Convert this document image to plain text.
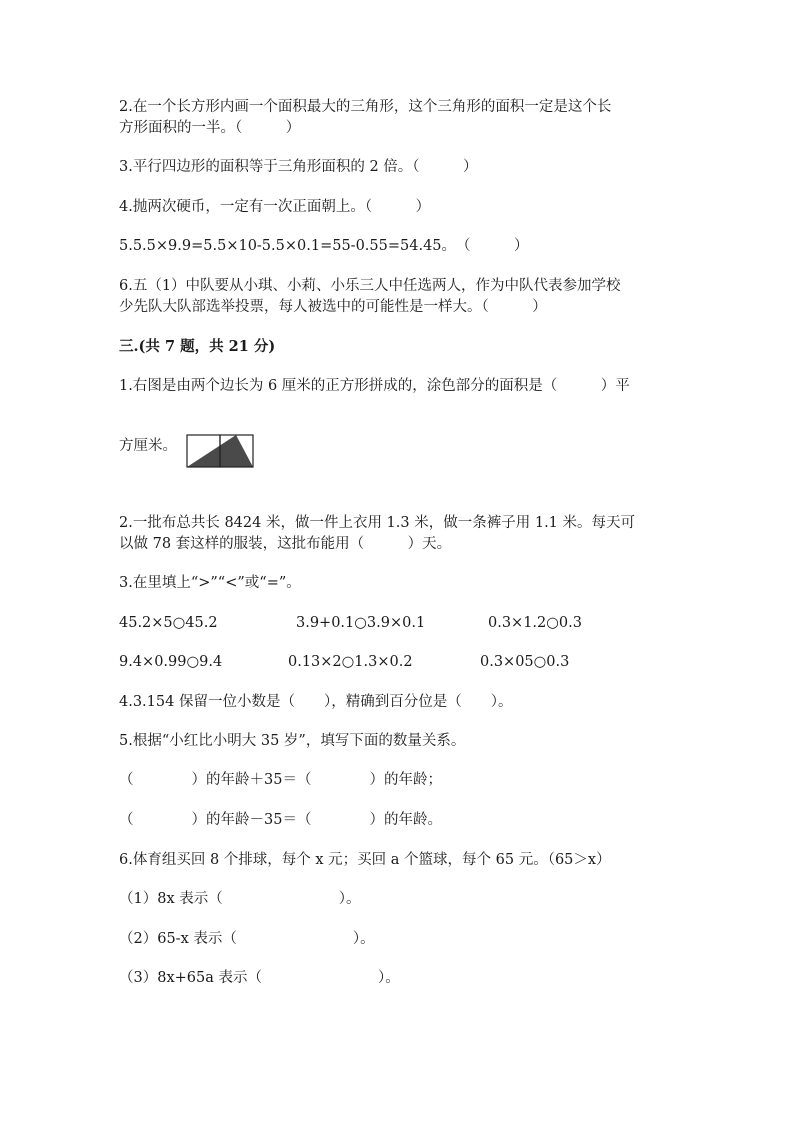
2.在一个长方形内画一个面积最大的三角形，这个三角形的面积一定是这个长
方形面积的一半。（　　　）
3.平行四边形的面积等于三角形面积的 2 倍。（　　　）
4.抛两次硬币，一定有一次正面朝上。（　　　）
5.5.5×9.9=5.5×10-5.5×0.1=55-0.55=54.45。　（　　　）
6.五（1）中队要从小琪、小莉、小乐三人中任选两人，作为中队代表参加学校
少先队大队部选举投票，每人被选中的可能性是一样大。（　　　）
三.(共 7 题，共 21 分)
1.右图是由两个边长为 6 厘米的正方形拼成的，涂色部分的面积是（　　　）平
方厘米。
2.一批布总共长 8424 米，做一件上衣用 1.3 米，做一条裤子用 1.1 米。每天可
以做 78 套这样的服装，这批布能用（　　　）天。
3.在里填上“>”“<”或“=”。
45.2×5○45.2	3.9+0.1○3.9×0.1	0.3×1.2○0.3
9.4×0.99○9.4	0.13×2○1.3×0.2	0.3×05○0.3
4.3.154 保留一位小数是（　　），精确到百分位是（　　）。
5.根据“小红比小明大 35 岁”，填写下面的数量关系。
（　　　　）的年龄＋35＝（　　　　）的年龄；
（　　　　）的年龄－35＝（　　　　）的年龄。
6.体育组买回 8 个排球，每个 x 元；买回 a 个篮球，每个 65 元。（65＞x）
（1）8x 表示（　　　　　　　　）。
（2）65-x 表示（　　　　　　　　）。
（3）8x+65a 表示（　　　　　　　　）。
